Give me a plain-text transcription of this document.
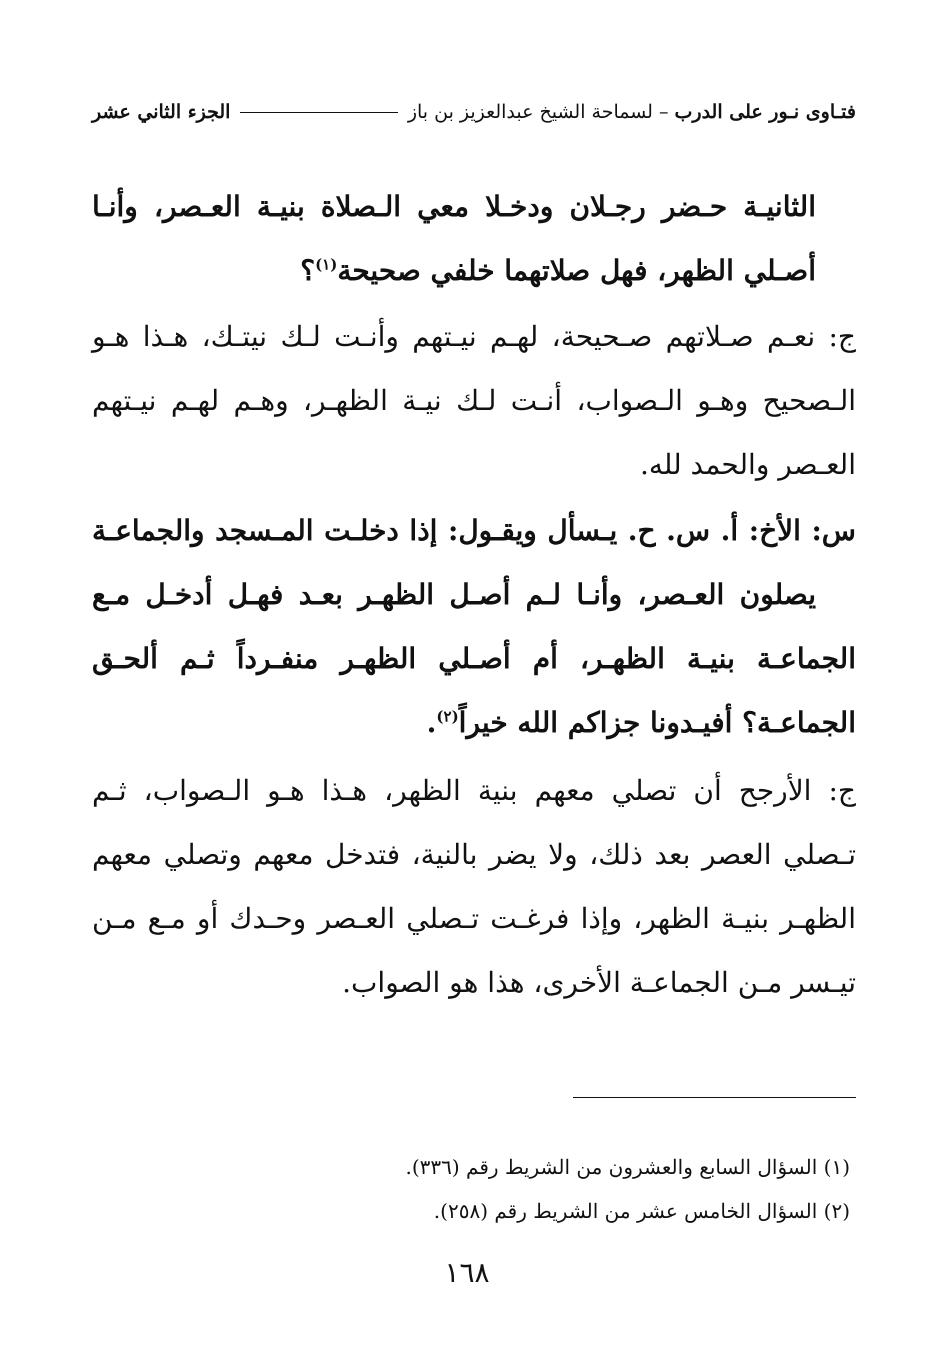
فتـاوى نـور على الدرب
– لسماحة الشيخ عبدالعزيز بن باز
الجزء الثاني عشر

الثانيـة حـضر رجـلان ودخـلا معي الـصلاة بنيـة العـصر، وأنـا أصـلي الظهر، فهل صلاتهما خلفي صحيحة$^{(١)}$؟

ج: نعـم صـلاتهم صـحيحة، لهـم نيـتهم وأنـت لـك نيتـك، هـذا هـو الـصحيح وهـو الـصواب، أنـت لـك نيـة الظهـر، وهـم لهـم نيـتهم العـصر والحمد لله.

س: الأخ: أ. س. ح. يـسأل ويقـول: إذا دخلـت المـسجد والجماعـة يصلون العـصر، وأنـا لـم أصـل الظهـر بعـد فهـل أدخـل مـع الجماعـة بنيـة الظهـر، أم أصـلي الظهـر منفـرداً ثـم ألحـق الجماعـة؟ أفيـدونا جزاكم الله خيراً$^{(٢)}$.

ج: الأرجح أن تصلي معهم بنية الظهر، هـذا هـو الـصواب، ثـم تـصلي العصر بعد ذلك، ولا يضر بالنية، فتدخل معهم وتصلي معهم الظهـر بنيـة الظهر، وإذا فرغـت تـصلي العـصر وحـدك أو مـع مـن تيـسر مـن الجماعـة الأخرى، هذا هو الصواب.

(١) السؤال السابع والعشرون من الشريط رقم (٣٣٦).
(٢) السؤال الخامس عشر من الشريط رقم (٢٥٨).
١٦٨
